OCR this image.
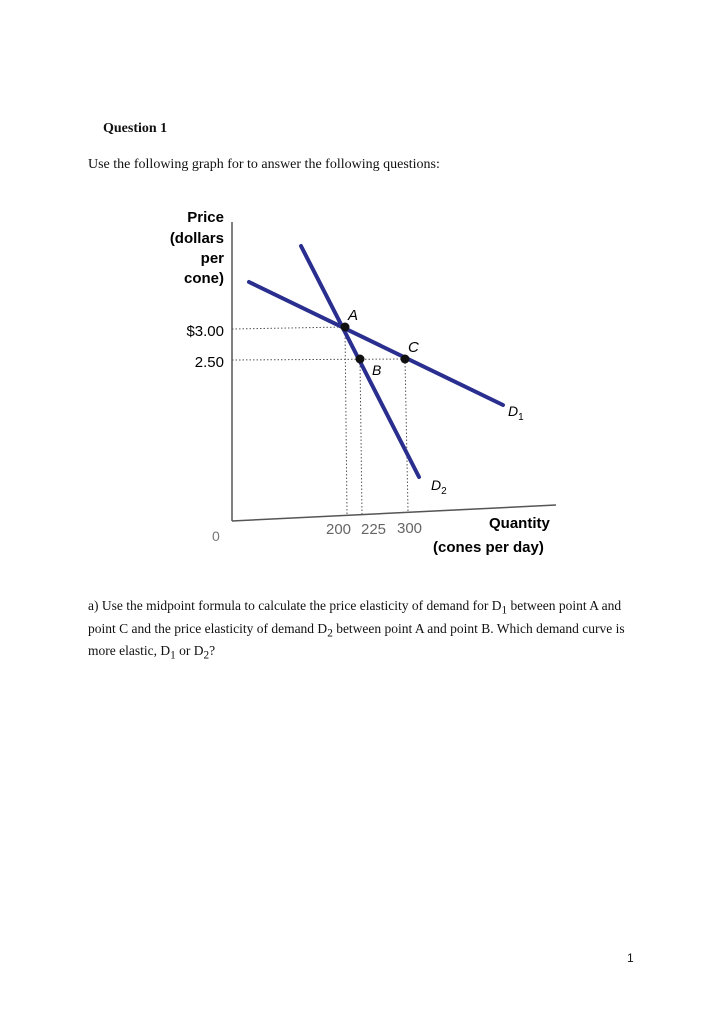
Question 1

Use the following graph for to answer the following questions:

Price
(dollars
per
cone)
$3.00
2.50
0	200 225 300	Quantity
(cones per day)
A
B
C
$D_1$
$D_2$

a) Use the midpoint formula to calculate the price elasticity of demand for $D_1$ between point A and point C and the price elasticity of demand $D_2$ between point A and point B. Which demand curve is more elastic, $D_1$ or $D_2$?

1
